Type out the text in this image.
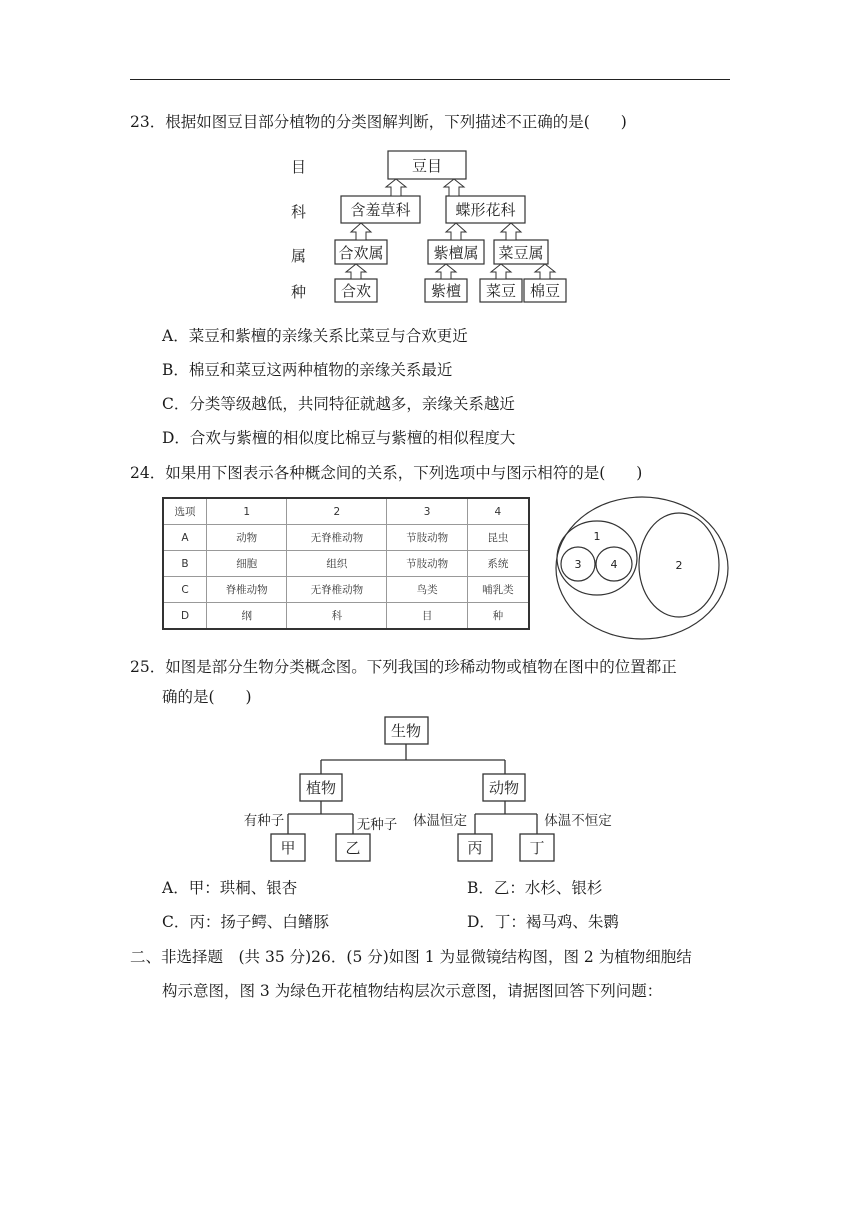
23．根据如图豆目部分植物的分类图解判断，下列描述不正确的是(　　)
目
科
属
种
豆目
含羞草科	蝶形花科
合欢属	紫檀属 菜豆属
合欢	紫檀 菜豆 棉豆
A．菜豆和紫檀的亲缘关系比菜豆与合欢更近
B．棉豆和菜豆这两种植物的亲缘关系最近
C．分类等级越低，共同特征就越多，亲缘关系越近
D．合欢与紫檀的相似度比棉豆与紫檀的相似程度大
24．如果用下图表示各种概念间的关系，下列选项中与图示相符的是(　　)
选项	1	2	3	4
A	动物	无脊椎动物	节肢动物	昆虫
B	细胞	组织	节肢动物	系统
C	脊椎动物	无脊椎动物	鸟类	哺乳类
D	纲	科	目	种
1
2
3	4
25．如图是部分生物分类概念图。下列我国的珍稀动物或植物在图中的位置都正
确的是(　　)
生物
植物	动物
甲	乙	丙	丁
有种子	无种子 体温恒定	体温不恒定
A．甲：珙桐、银杏	B．乙：水杉、银杉
C．丙：扬子鳄、白鳍豚	D．丁：褐马鸡、朱鹮
二、非选择题　(共 35 分)26．(5 分)如图 1 为显微镜结构图，图 2 为植物细胞结
构示意图，图 3 为绿色开花植物结构层次示意图，请据图回答下列问题：
